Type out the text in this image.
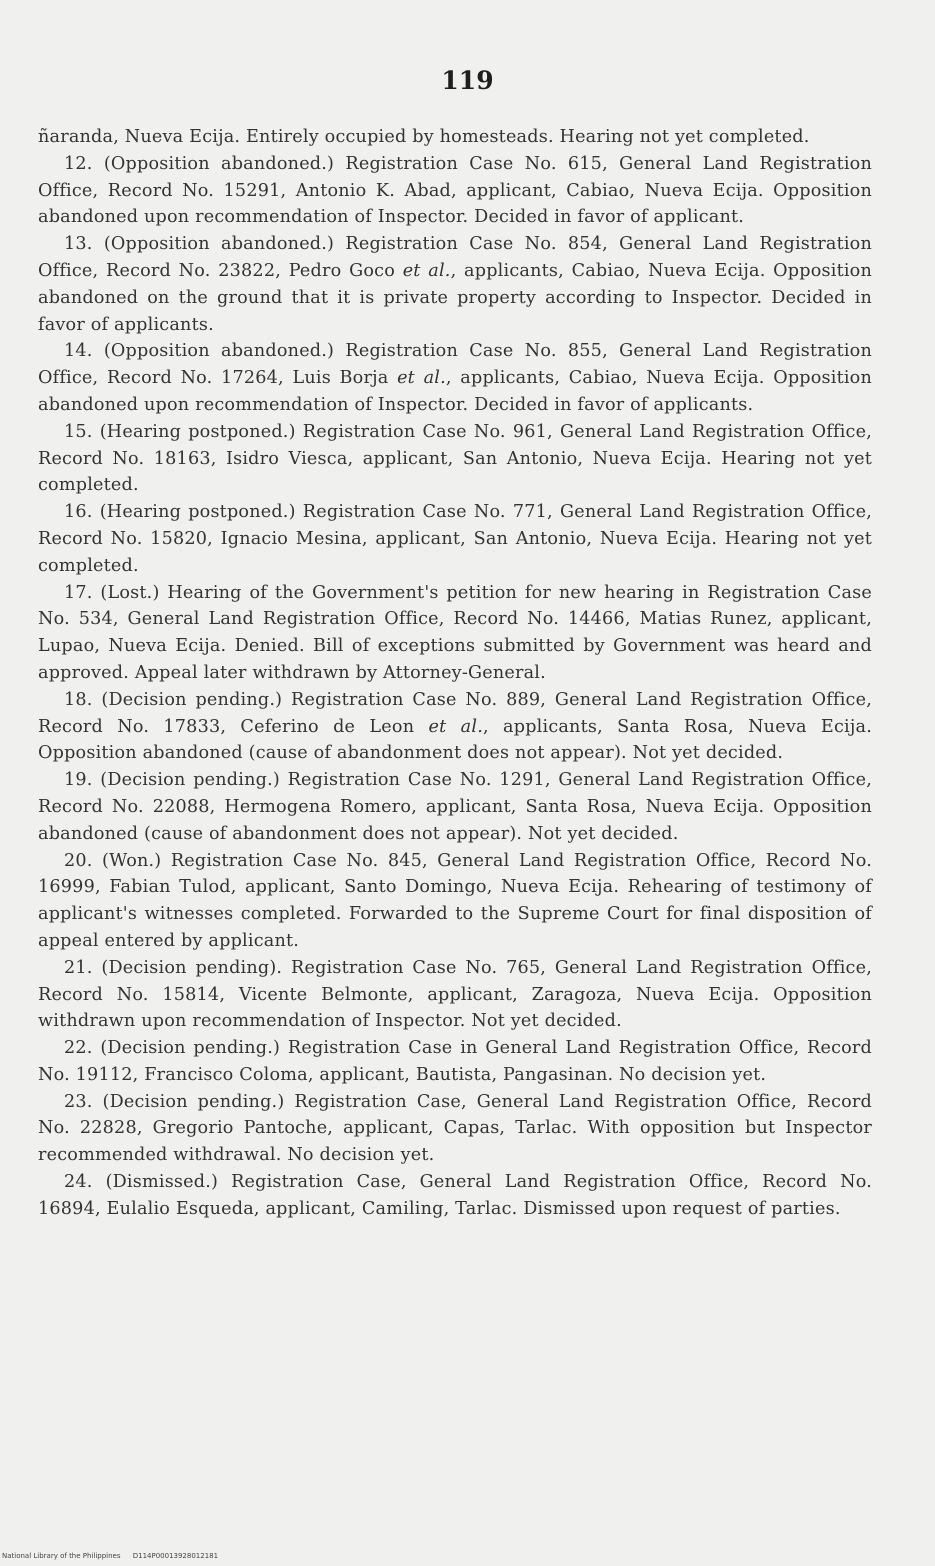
119

ñaranda, Nueva Ecija. Entirely occupied by homesteads. Hearing not yet completed.

12. (Opposition abandoned.) Registration Case No. 615, General Land Registration Office, Record No. 15291, Antonio K. Abad, applicant, Cabiao, Nueva Ecija. Opposition abandoned upon recommendation of Inspector. Decided in favor of applicant.

13. (Opposition abandoned.) Registration Case No. 854, General Land Registration Office, Record No. 23822, Pedro Goco et al., applicants, Cabiao, Nueva Ecija. Opposition abandoned on the ground that it is private property according to Inspector. Decided in favor of applicants.

14. (Opposition abandoned.) Registration Case No. 855, General Land Registration Office, Record No. 17264, Luis Borja et al., applicants, Cabiao, Nueva Ecija. Opposition abandoned upon recommendation of Inspector. Decided in favor of applicants.

15. (Hearing postponed.) Registration Case No. 961, General Land Registration Office, Record No. 18163, Isidro Viesca, applicant, San Antonio, Nueva Ecija. Hearing not yet completed.

16. (Hearing postponed.) Registration Case No. 771, General Land Registration Office, Record No. 15820, Ignacio Mesina, applicant, San Antonio, Nueva Ecija. Hearing not yet completed.

17. (Lost.) Hearing of the Government's petition for new hearing in Registration Case No. 534, General Land Registration Office, Record No. 14466, Matias Runez, applicant, Lupao, Nueva Ecija. Denied. Bill of exceptions submitted by Government was heard and approved. Appeal later withdrawn by Attorney-General.

18. (Decision pending.) Registration Case No. 889, General Land Registration Office, Record No. 17833, Ceferino de Leon et al., applicants, Santa Rosa, Nueva Ecija. Opposition abandoned (cause of abandonment does not appear). Not yet decided.

19. (Decision pending.) Registration Case No. 1291, General Land Registration Office, Record No. 22088, Hermogena Romero, applicant, Santa Rosa, Nueva Ecija. Opposition abandoned (cause of abandonment does not appear). Not yet decided.

20. (Won.) Registration Case No. 845, General Land Registration Office, Record No. 16999, Fabian Tulod, applicant, Santo Domingo, Nueva Ecija. Rehearing of testimony of applicant's witnesses completed. Forwarded to the Supreme Court for final disposition of appeal entered by applicant.

21. (Decision pending). Registration Case No. 765, General Land Registration Office, Record No. 15814, Vicente Belmonte, applicant, Zaragoza, Nueva Ecija. Opposition withdrawn upon recommendation of Inspector. Not yet decided.

22. (Decision pending.) Registration Case in General Land Registration Office, Record No. 19112, Francisco Coloma, applicant, Bautista, Pangasinan. No decision yet.

23. (Decision pending.) Registration Case, General Land Registration Office, Record No. 22828, Gregorio Pantoche, applicant, Capas, Tarlac. With opposition but Inspector recommended withdrawal. No decision yet.

24. (Dismissed.) Registration Case, General Land Registration Office, Record No. 16894, Eulalio Esqueda, applicant, Camiling, Tarlac. Dismissed upon request of parties.

National Library of the Philippines D114P00013928012181
